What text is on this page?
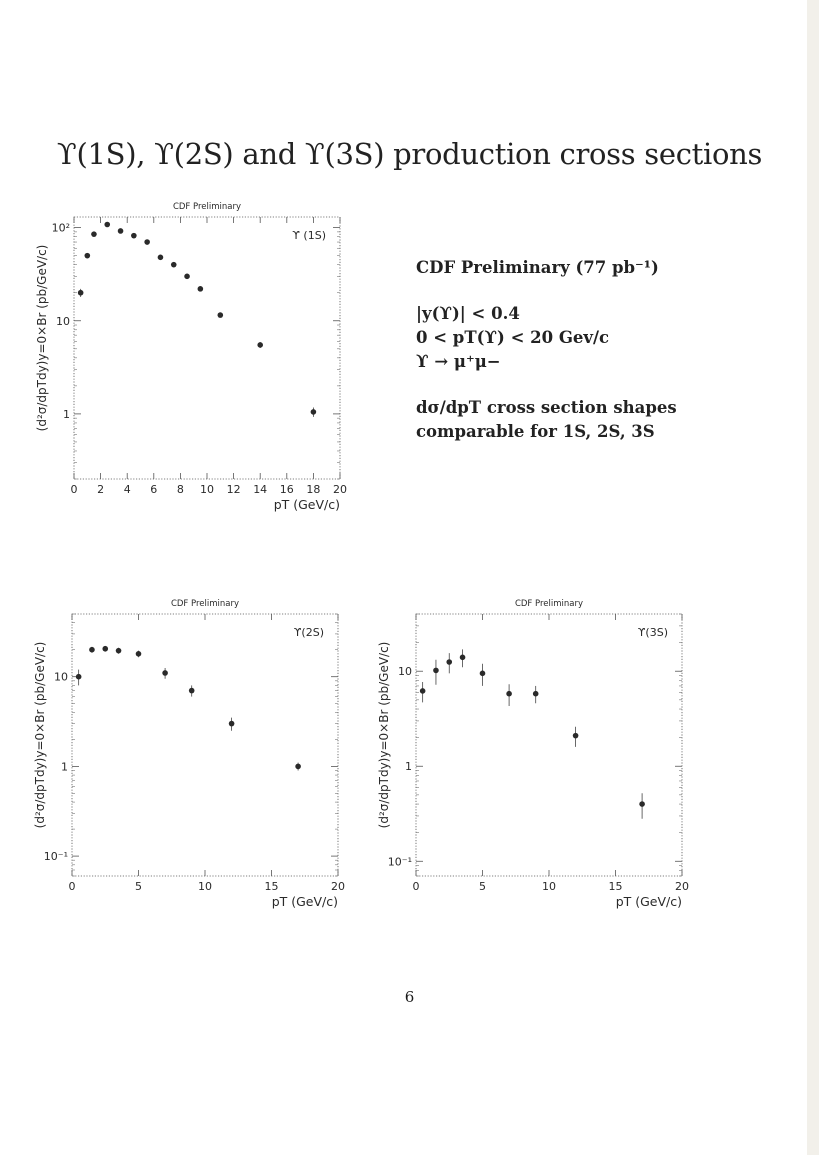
ϒ(1S), ϒ(2S) and ϒ(3S) production cross sections
CDF Preliminary
ϒ (1S)
0 2 4 6 8 10 12 14 16 18 20
1
10
10²
pT (GeV/c)
(d²σ/dpTdy)y=0×Br (pb/GeV/c)	CDF Preliminary (77 pb⁻¹)
|y(ϒ)| < 0.4
0 < pT(ϒ) < 20 Gev/c
ϒ → μ⁺μ−
dσ/dpT cross section shapes
comparable for 1S, 2S, 3S
CDF Preliminary
ϒ(2S)
0	5	10	15	20
10⁻¹
1
10
pT (GeV/c)
(d²σ/dpTdy)y=0×Br (pb/GeV/c)
CDF Preliminary
ϒ(3S)
0	5	10	15	20
10⁻¹
1
10
pT (GeV/c)
(d²σ/dpTdy)y=0×Br (pb/GeV/c)
6
